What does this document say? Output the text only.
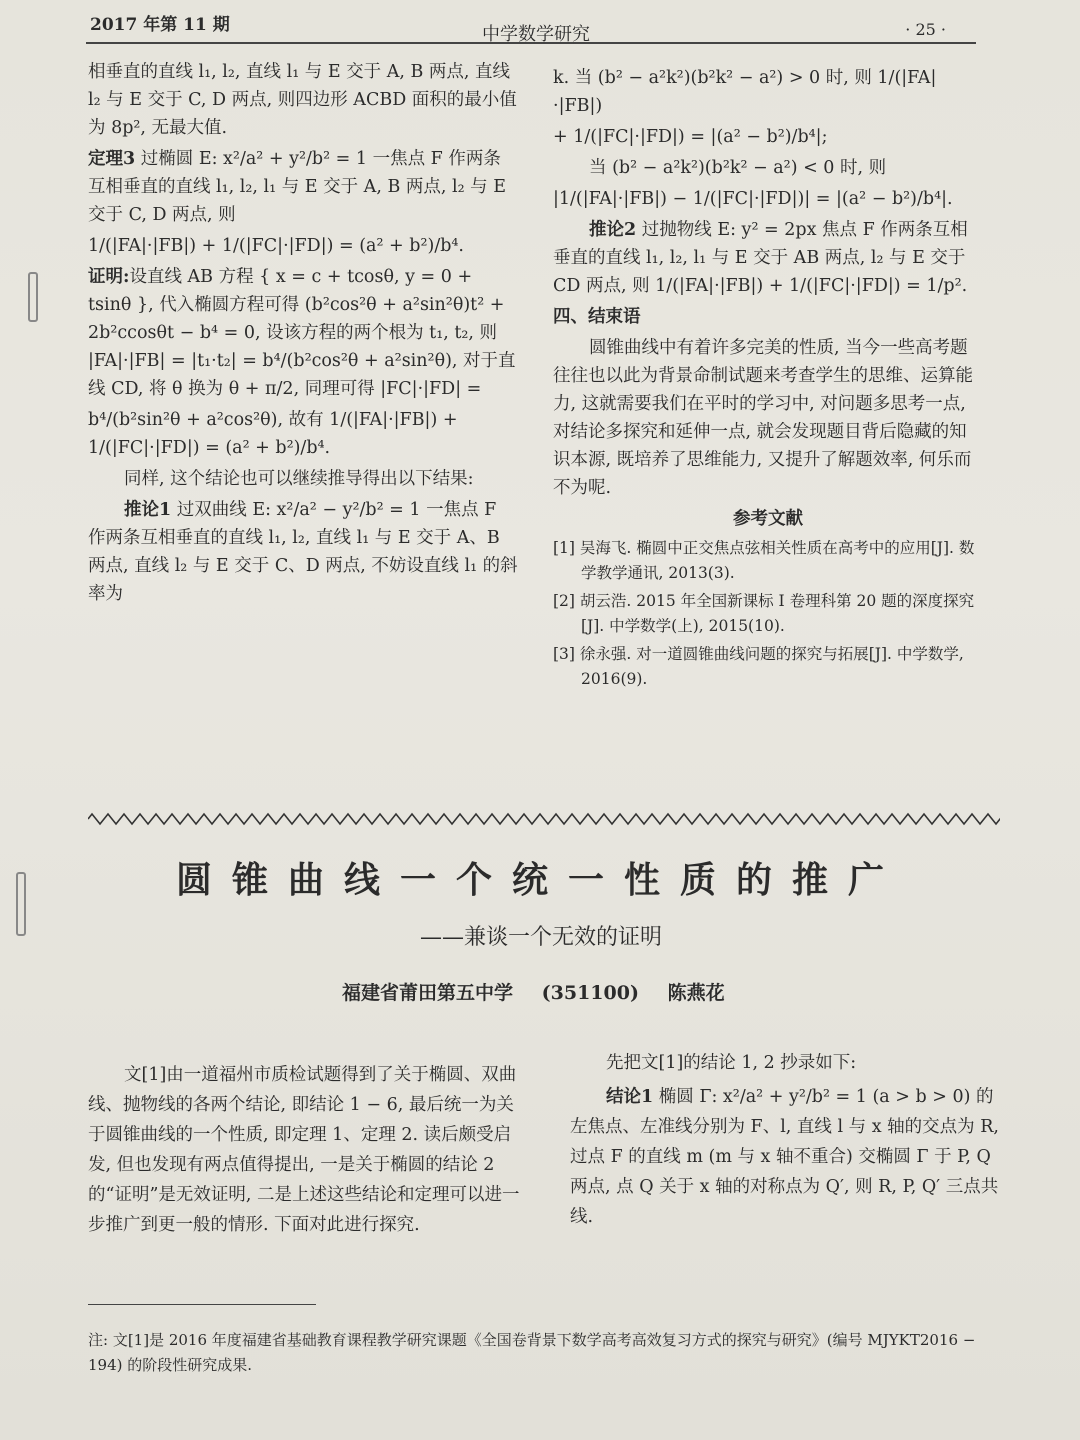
2017 年第 11 期	中学数学研究	· 25 ·

相垂直的直线 l₁, l₂, 直线 l₁ 与 E 交于 A, B 两点, 直线 l₂ 与 E 交于 C, D 两点, 则四边形 ACBD 面积的最小值为 8p², 无最大值.

定理3 过椭圆 E: x²/a² + y²/b² = 1 一焦点 F 作两条互相垂直的直线 l₁, l₂, l₁ 与 E 交于 A, B 两点, l₂ 与 E 交于 C, D 两点, 则

1/(|FA|·|FB|) + 1/(|FC|·|FD|) = (a² + b²)/b⁴.

证明:设直线 AB 方程 { x = c + tcosθ, y = 0 + tsinθ }, 代入椭圆方程可得 (b²cos²θ + a²sin²θ)t² + 2b²ccosθt − b⁴ = 0, 设该方程的两个根为 t₁, t₂, 则 |FA|·|FB| = |t₁·t₂| = b⁴/(b²cos²θ + a²sin²θ), 对于直线 CD, 将 θ 换为 θ + π/2, 同理可得 |FC|·|FD| =

b⁴/(b²sin²θ + a²cos²θ), 故有 1/(|FA|·|FB|) + 1/(|FC|·|FD|) = (a² + b²)/b⁴.

同样, 这个结论也可以继续推导得出以下结果:

推论1 过双曲线 E: x²/a² − y²/b² = 1 一焦点 F 作两条互相垂直的直线 l₁, l₂, 直线 l₁ 与 E 交于 A、B 两点, 直线 l₂ 与 E 交于 C、D 两点, 不妨设直线 l₁ 的斜率为

k. 当 (b² − a²k²)(b²k² − a²) > 0 时, 则 1/(|FA|·|FB|)

+ 1/(|FC|·|FD|) = |(a² − b²)/b⁴|;

当 (b² − a²k²)(b²k² − a²) < 0 时, 则

|1/(|FA|·|FB|) − 1/(|FC|·|FD|)| = |(a² − b²)/b⁴|.

推论2 过抛物线 E: y² = 2px 焦点 F 作两条互相垂直的直线 l₁, l₂, l₁ 与 E 交于 AB 两点, l₂ 与 E 交于 CD 两点, 则 1/(|FA|·|FB|) + 1/(|FC|·|FD|) = 1/p².

四、结束语

圆锥曲线中有着许多完美的性质, 当今一些高考题往往也以此为背景命制试题来考查学生的思维、运算能力, 这就需要我们在平时的学习中, 对问题多思考一点, 对结论多探究和延伸一点, 就会发现题目背后隐藏的知识本源, 既培养了思维能力, 又提升了解题效率, 何乐而不为呢.

参考文献

[1] 吴海飞. 椭圆中正交焦点弦相关性质在高考中的应用[J]. 数学教学通讯, 2013(3).

[2] 胡云浩. 2015 年全国新课标 I 卷理科第 20 题的深度探究[J]. 中学数学(上), 2015(10).

[3] 徐永强. 对一道圆锥曲线问题的探究与拓展[J]. 中学数学, 2016(9).

圆锥曲线一个统一性质的推广
——兼谈一个无效的证明
福建省莆田第五中学 (351100) 陈燕花

文[1]由一道福州市质检试题得到了关于椭圆、双曲线、抛物线的各两个结论, 即结论 1 − 6, 最后统一为关于圆锥曲线的一个性质, 即定理 1、定理 2. 读后颇受启发, 但也发现有两点值得提出, 一是关于椭圆的结论 2 的“证明”是无效证明, 二是上述这些结论和定理可以进一步推广到更一般的情形. 下面对此进行探究.

先把文[1]的结论 1, 2 抄录如下:

结论1 椭圆 Γ: x²/a² + y²/b² = 1 (a > b > 0) 的左焦点、左准线分别为 F、l, 直线 l 与 x 轴的交点为 R, 过点 F 的直线 m (m 与 x 轴不重合) 交椭圆 Γ 于 P, Q 两点, 点 Q 关于 x 轴的对称点为 Q′, 则 R, P, Q′ 三点共线.

注: 文[1]是 2016 年度福建省基础教育课程教学研究课题《全国卷背景下数学高考高效复习方式的探究与研究》(编号 MJYKT2016 − 194) 的阶段性研究成果.
